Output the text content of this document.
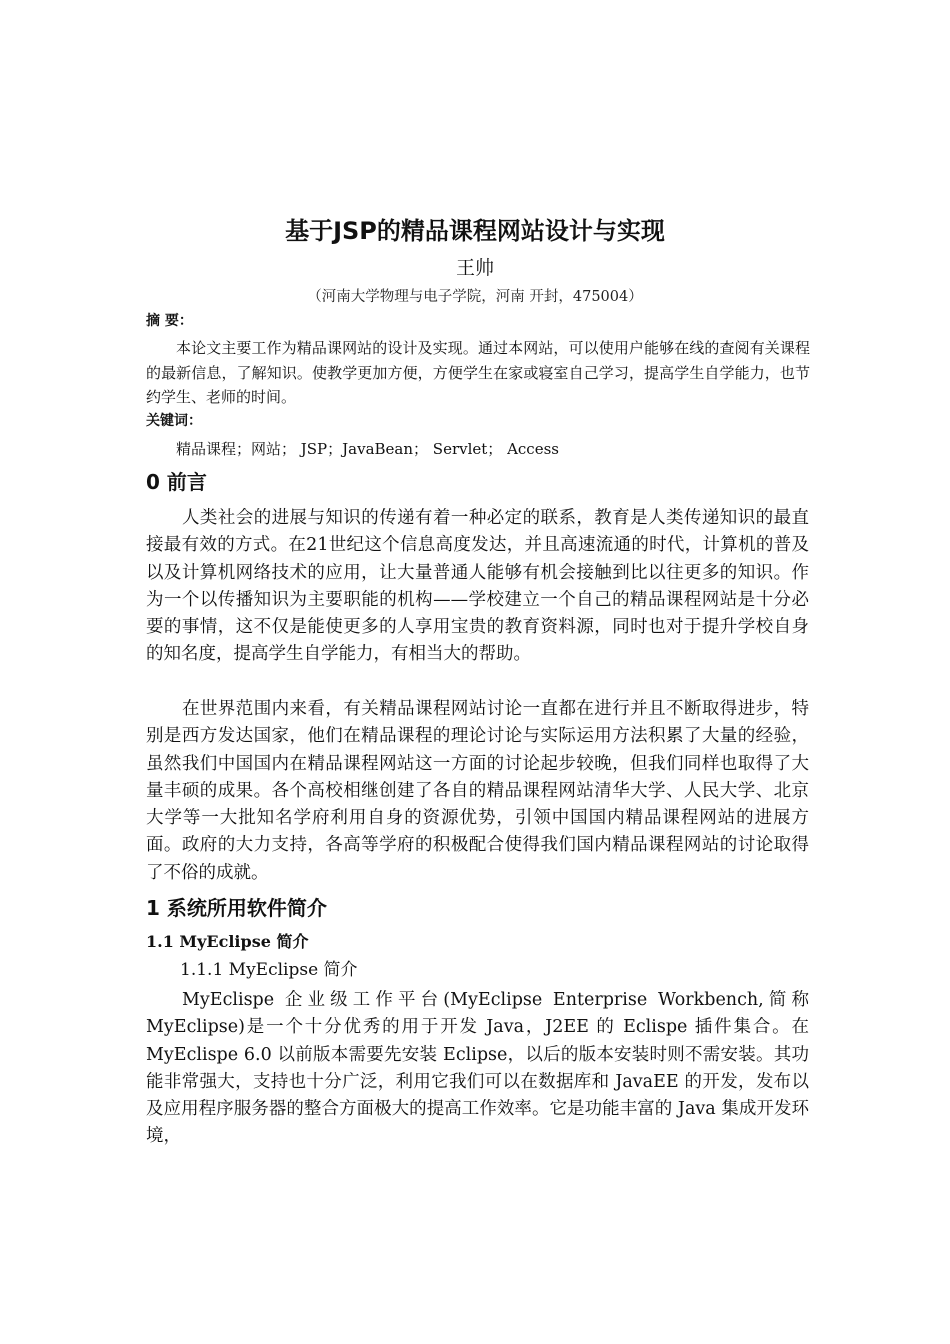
基于JSP的精品课程网站设计与实现
王帅
（河南大学物理与电子学院，河南 开封，475004）
摘 要：

本论文主要工作为精品课网站的设计及实现。通过本网站，可以使用户能够在线的查阅有关课程的最新信息，了解知识。使教学更加方便，方便学生在家或寝室自己学习，提高学生自学能力，也节约学生、老师的时间。

关键词：
精品课程；网站； JSP；JavaBean； Servlet； Access
0 前言

人类社会的进展与知识的传递有着一种必定的联系，教育是人类传递知识的最直接最有效的方式。在21世纪这个信息高度发达，并且高速流通的时代，计算机的普及以及计算机网络技术的应用，让大量普通人能够有机会接触到比以往更多的知识。作为一个以传播知识为主要职能的机构——学校建立一个自己的精品课程网站是十分必要的事情，这不仅是能使更多的人享用宝贵的教育资料源，同时也对于提升学校自身的知名度，提高学生自学能力，有相当大的帮助。

在世界范围内来看，有关精品课程网站讨论一直都在进行并且不断取得进步，特别是西方发达国家，他们在精品课程的理论讨论与实际运用方法积累了大量的经验，虽然我们中国国内在精品课程网站这一方面的讨论起步较晚，但我们同样也取得了大量丰硕的成果。各个高校相继创建了各自的精品课程网站清华大学、人民大学、北京大学等一大批知名学府利用自身的资源优势，引领中国国内精品课程网站的进展方面。政府的大力支持，各高等学府的积极配合使得我们国内精品课程网站的讨论取得了不俗的成就。

1 系统所用软件简介
1.1 MyEclipse 简介
1.1.1 MyEclipse 简介

MyEclispe 企业级工作平台(MyEclipse Enterprise Workbench,简称 MyEclipse)是一个十分优秀的用于开发 Java，J2EE 的 Eclispe 插件集合。在 MyEclispe 6.0 以前版本需要先安装 Eclipse，以后的版本安装时则不需安装。其功能非常强大，支持也十分广泛，利用它我们可以在数据库和 JavaEE 的开发，发布以及应用程序服务器的整合方面极大的提高工作效率。它是功能丰富的 Java 集成开发环境，
